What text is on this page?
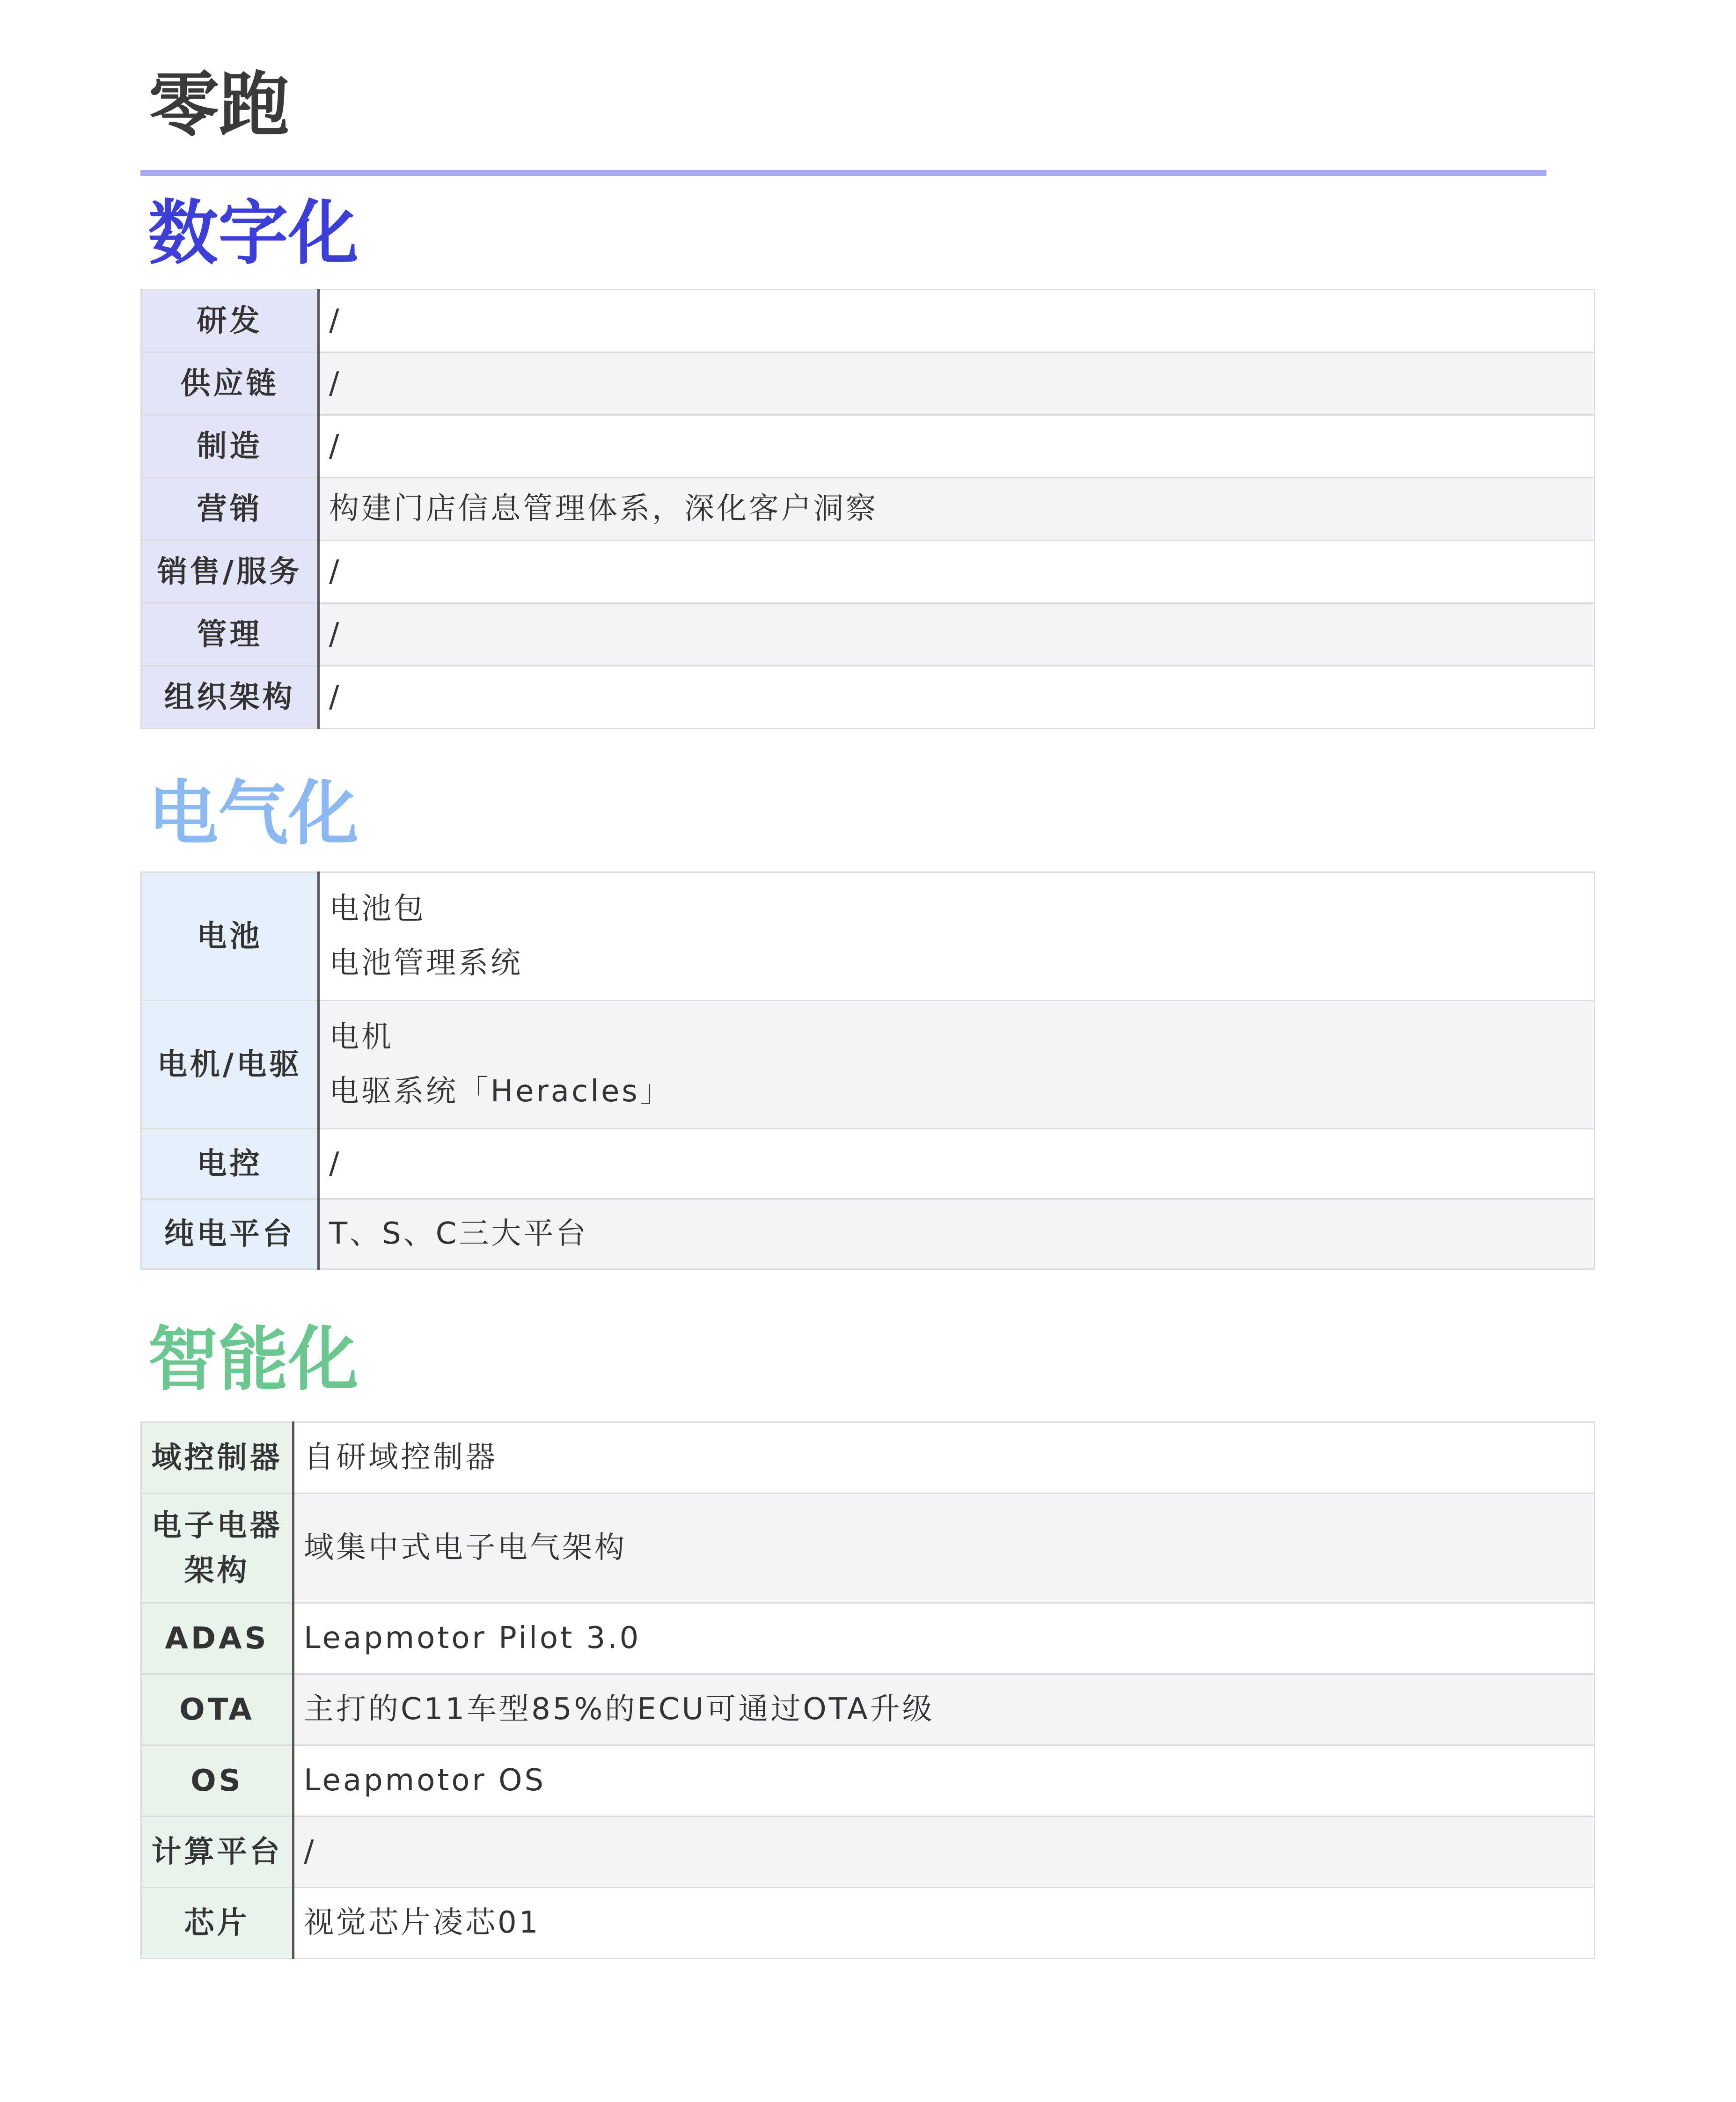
零跑
数字化
研发	/
供应链	/
制造	/
营销	构建门店信息管理体系，深化客户洞察
销售/服务	/
管理	/
组织架构	/
电气化
电池	电池包
电池管理系统

电机/电驱	电机
电驱系统「Heracles」

电控	/
纯电平台	T、S、C三大平台
智能化
域控制器	自研域控制器

电子电器
架构	域集中式电子电气架构
ADAS	Leapmotor Pilot 3.0
OTA	主打的C11车型85%的ECU可通过OTA升级
OS	Leapmotor OS
计算平台	/
芯片	视觉芯片凌芯01
